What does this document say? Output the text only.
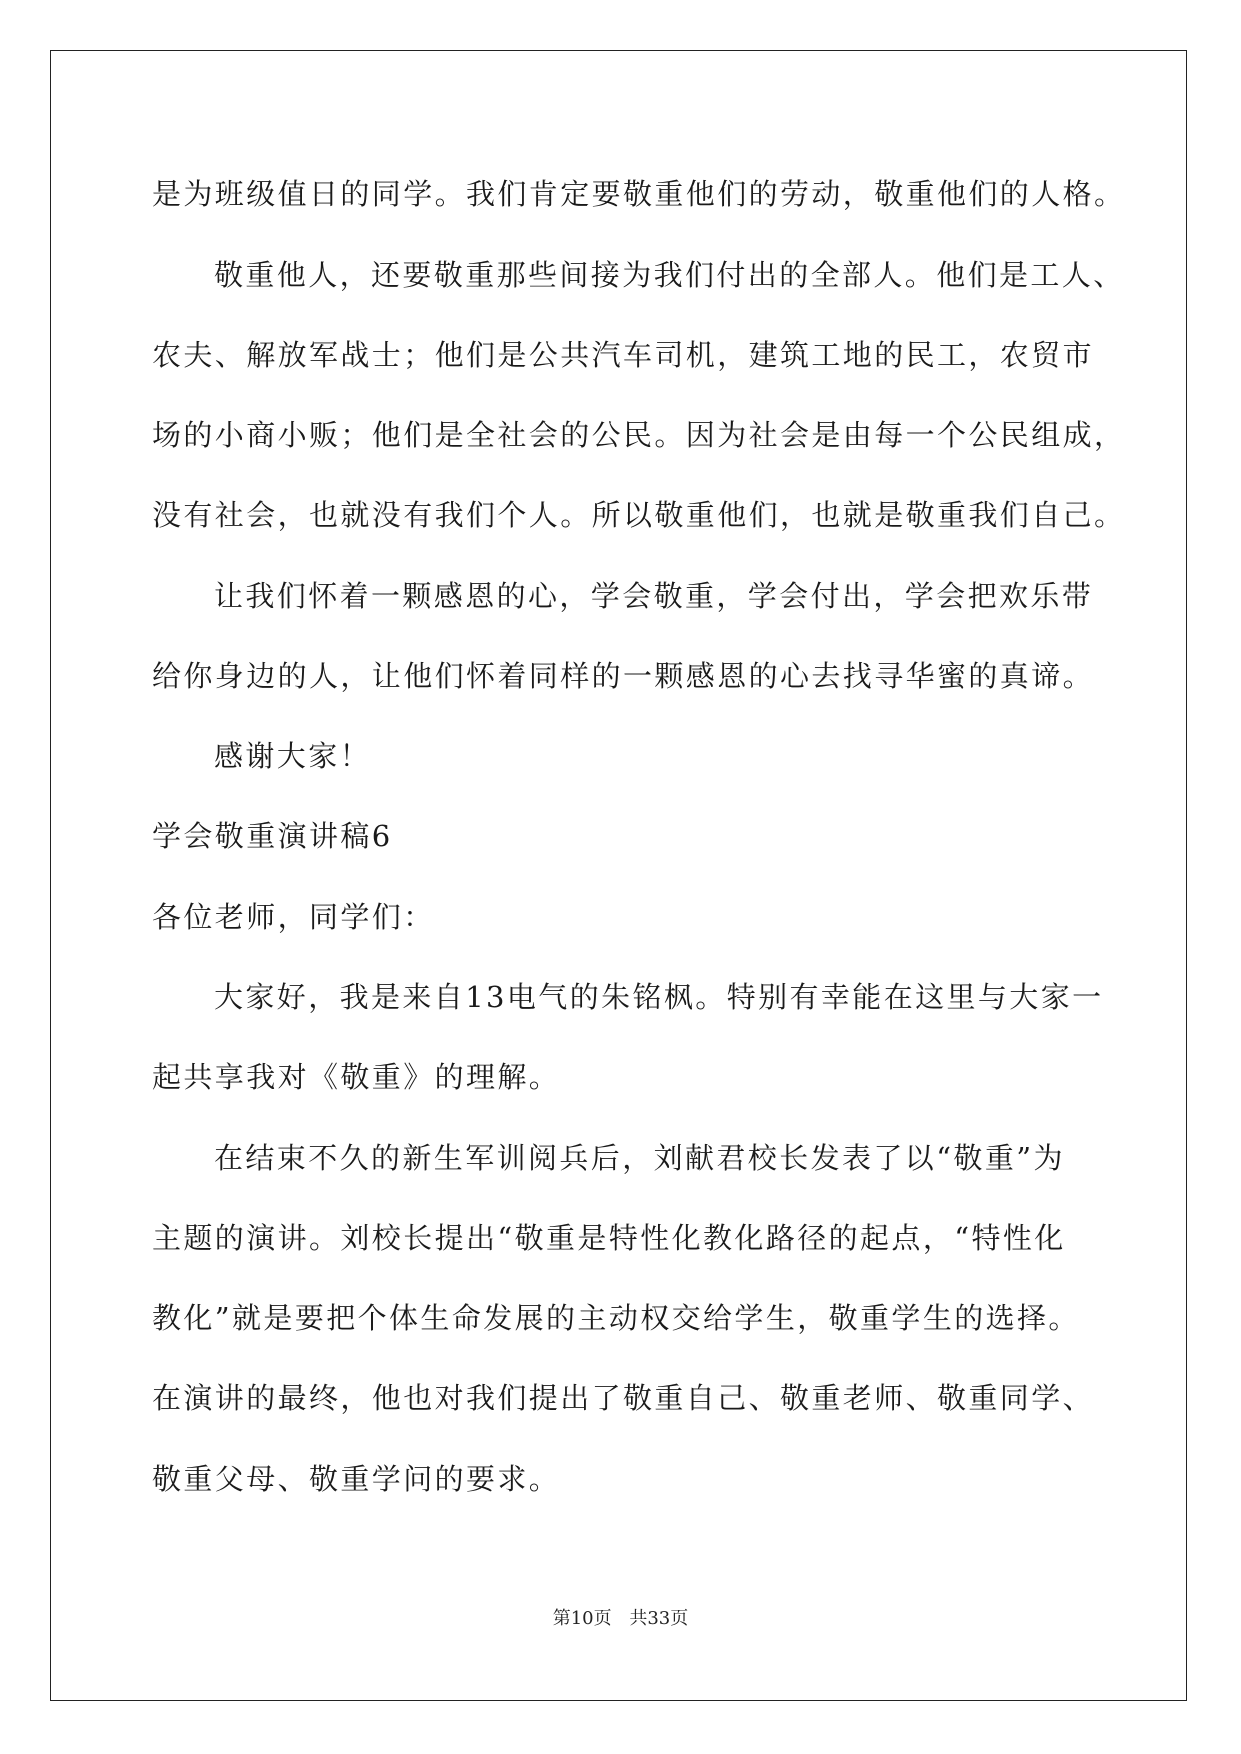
是为班级值日的同学。我们肯定要敬重他们的劳动，敬重他们的人格。
敬重他人，还要敬重那些间接为我们付出的全部人。他们是工人、
农夫、解放军战士；他们是公共汽车司机，建筑工地的民工，农贸市
场的小商小贩；他们是全社会的公民。因为社会是由每一个公民组成，
没有社会，也就没有我们个人。所以敬重他们，也就是敬重我们自己。
让我们怀着一颗感恩的心，学会敬重，学会付出，学会把欢乐带
给你身边的人，让他们怀着同样的一颗感恩的心去找寻华蜜的真谛。
感谢大家！
学会敬重演讲稿6
各位老师，同学们：
大家好，我是来自13电气的朱铭枫。特别有幸能在这里与大家一
起共享我对《敬重》的理解。
在结束不久的新生军训阅兵后，刘献君校长发表了以“敬重”为
主题的演讲。刘校长提出“敬重是特性化教化路径的起点，“特性化
教化”就是要把个体生命发展的主动权交给学生，敬重学生的选择。
在演讲的最终，他也对我们提出了敬重自己、敬重老师、敬重同学、
敬重父母、敬重学问的要求。
第10页 共33页
